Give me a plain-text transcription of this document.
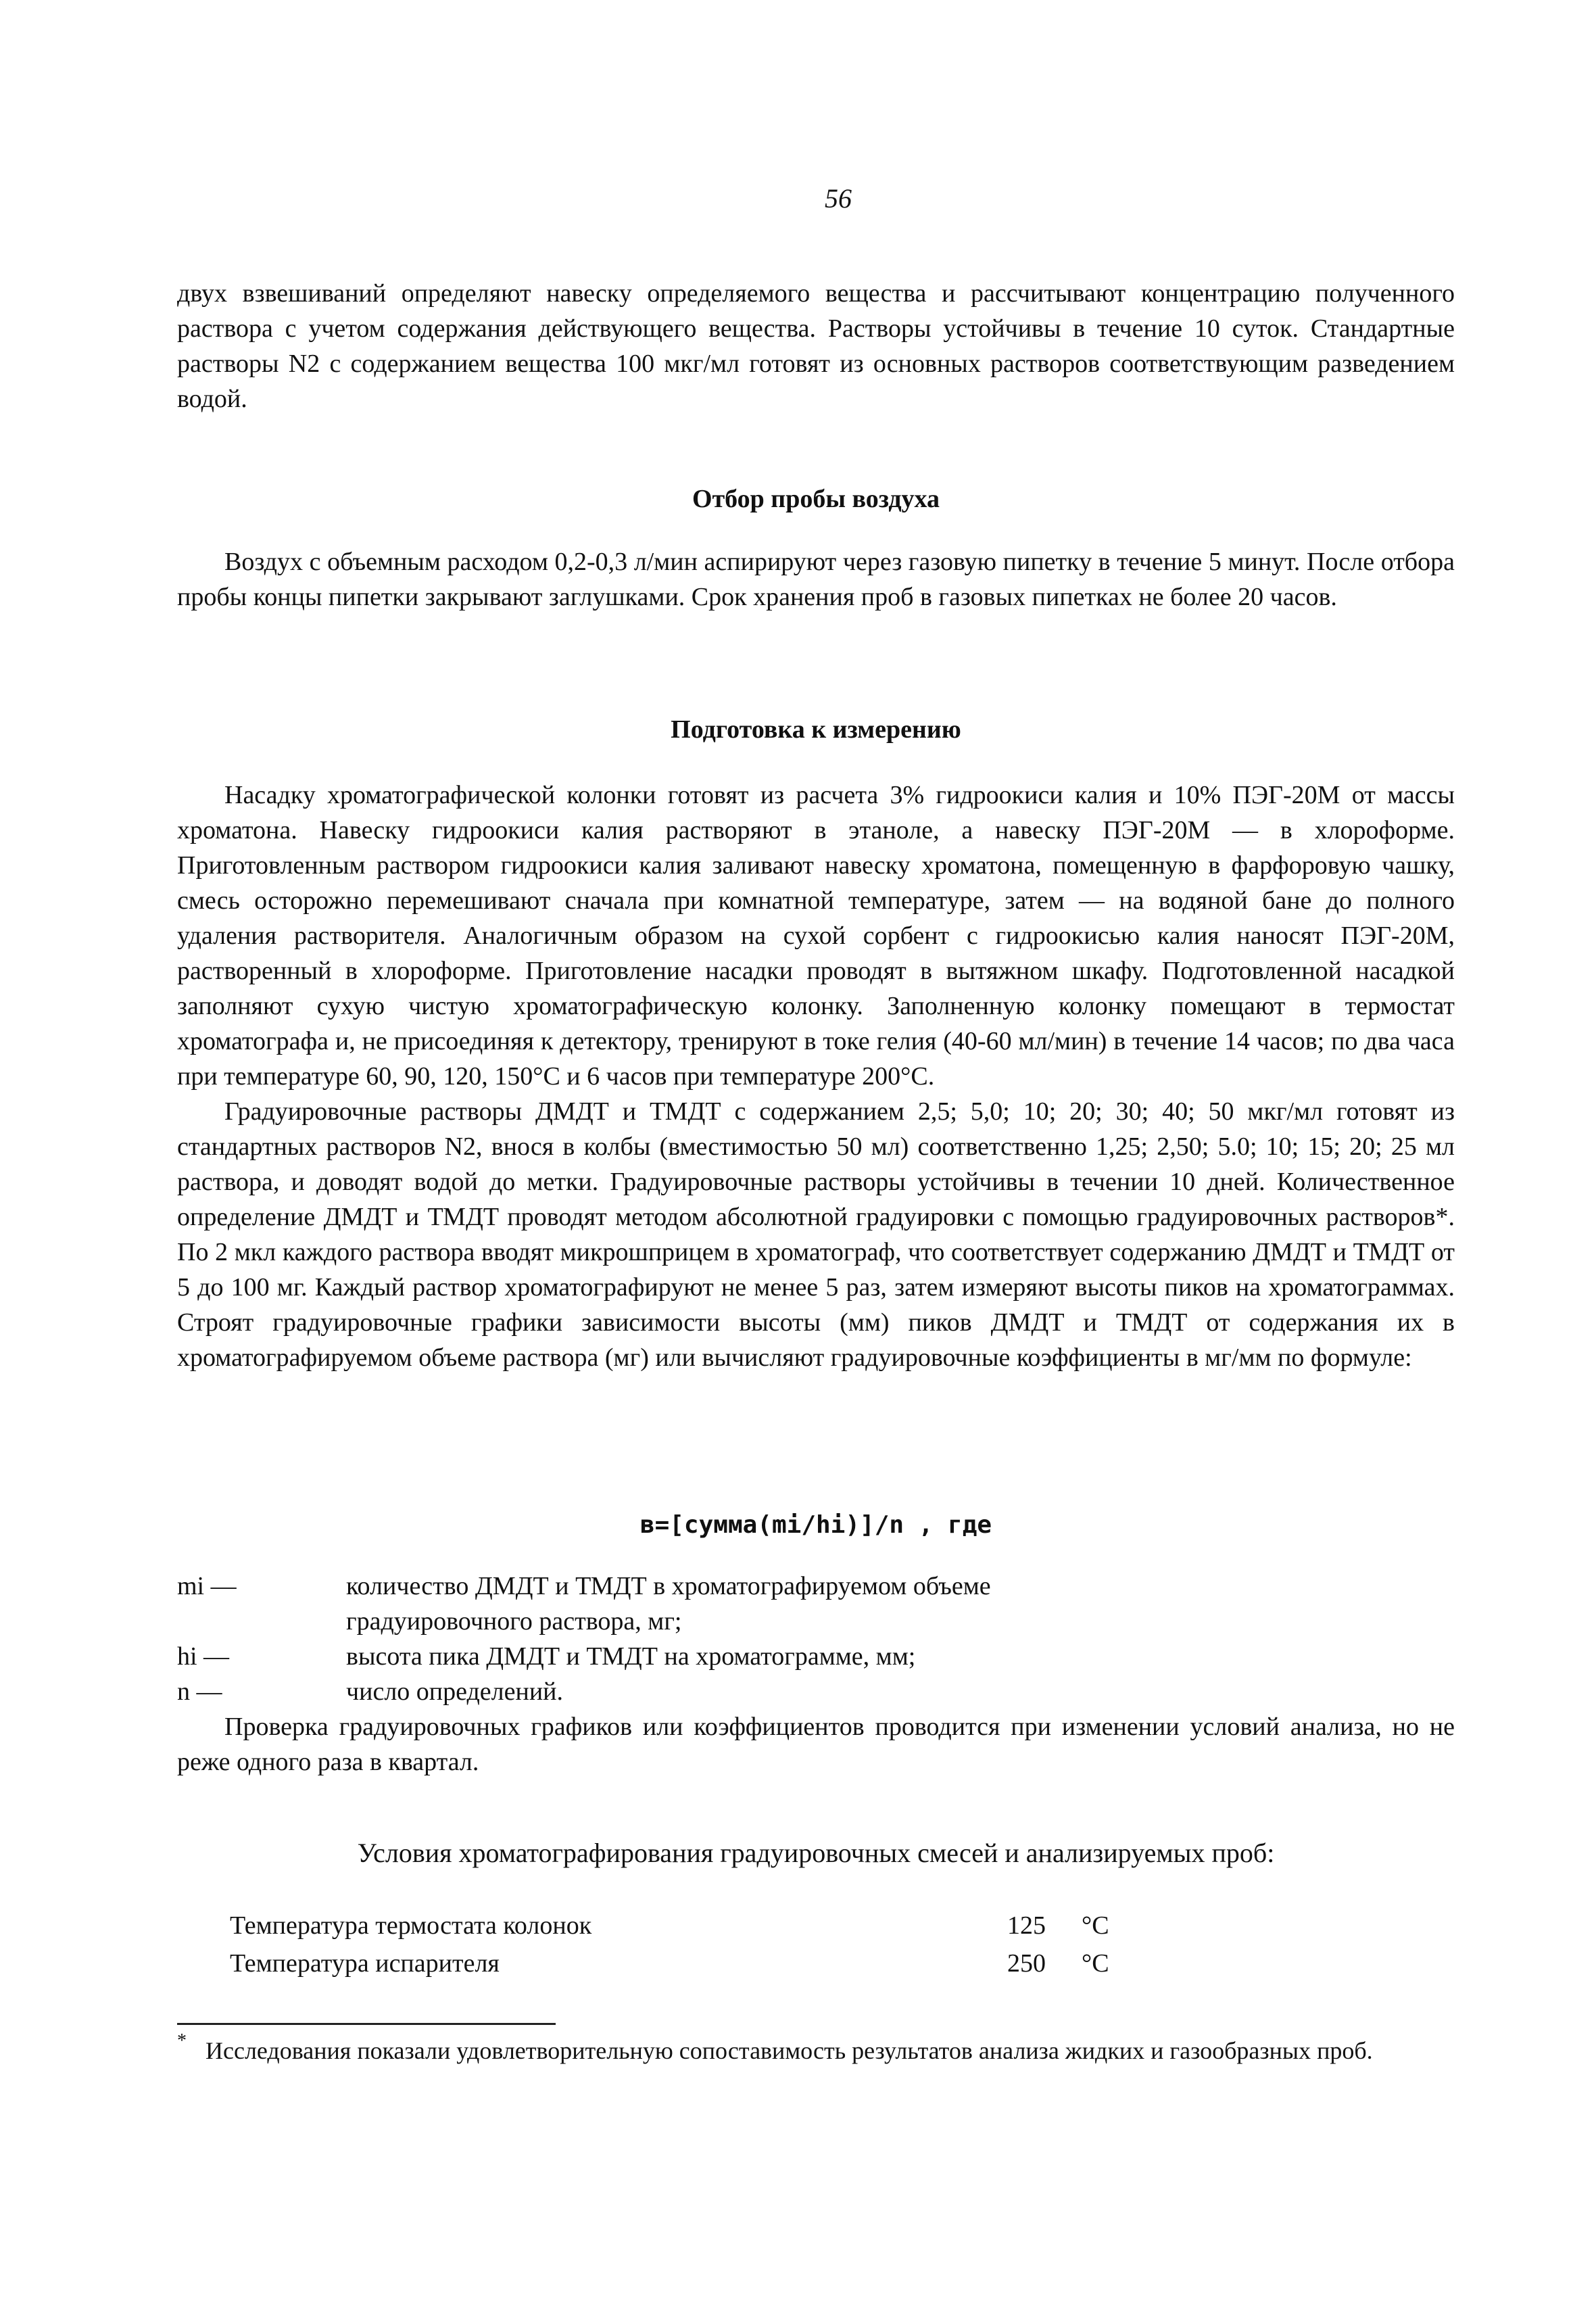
56

двух взвешиваний определяют навеску определяемого вещества и рассчитывают концентрацию полученного раствора с учетом содержания действующего вещества. Растворы устойчивы в течение 10 суток. Стандартные растворы N2 с содержанием вещества 100 мкг/мл готовят из основных растворов соответствующим разведением водой.

Отбор пробы воздуха

Воздух с объемным расходом 0,2-0,3 л/мин аспирируют через газовую пипетку в течение 5 минут. После отбора пробы концы пипетки закрывают заглушками. Срок хранения проб в газовых пипетках не более 20 часов.

Подготовка к измерению

Насадку хроматографической колонки готовят из расчета 3% гидроокиси калия и 10% ПЭГ-20М от массы хроматона. Навеску гидроокиси калия растворяют в этаноле, а навеску ПЭГ-20М — в хлороформе. Приготовленным раствором гидроокиси калия заливают навеску хроматона, помещенную в фарфоровую чашку, смесь осторожно перемешивают сначала при комнатной температуре, затем — на водяной бане до полного удаления растворителя. Аналогичным образом на сухой сорбент с гидроокисью калия наносят ПЭГ-20М, растворенный в хлороформе. Приготовление насадки проводят в вытяжном шкафу. Подготовленной насадкой заполняют сухую чистую хроматографическую колонку. Заполненную колонку помещают в термостат хроматографа и, не присоединяя к детектору, тренируют в токе гелия (40-60 мл/мин) в течение 14 часов; по два часа при температуре 60, 90, 120, 150°С и 6 часов при температуре 200°С.

Градуировочные растворы ДМДТ и ТМДТ с содержанием 2,5; 5,0; 10; 20; 30; 40; 50 мкг/мл готовят из стандартных растворов N2, внося в колбы (вместимостью 50 мл) соответственно 1,25; 2,50; 5.0; 10; 15; 20; 25 мл раствора, и доводят водой до метки. Градуировочные растворы устойчивы в течении 10 дней. Количественное определение ДМДТ и ТМДТ проводят методом абсолютной градуировки с помощью градуировочных растворов*. По 2 мкл каждого раствора вводят микрошприцем в хроматограф, что соответствует содержанию ДМДТ и ТМДТ от 5 до 100 мг. Каждый раствор хроматографируют не менее 5 раз, затем измеряют высоты пиков на хроматограммах. Строят градуировочные графики зависимости высоты (мм) пиков ДМДТ и ТМДТ от содержания их в хроматографируемом объеме раствора (мг) или вычисляют градуировочные коэффициенты в мг/мм по формуле:

в=[сумма(mi/hi)]/n , где
mi —	количество ДМДТ и ТМДТ в хроматографируемом объеме
градуировочного раствора, мг;
hi —	высота пика ДМДТ и ТМДТ на хроматограмме, мм;
n —	число определений.

Проверка градуировочных графиков или коэффициентов проводится при изменении условий анализа, но не реже одного раза в квартал.

Условия хроматографирования градуировочных смесей и анализируемых проб:
Температура термостата колонок	125	°С
Температура испарителя	250	°С
* Исследования показали удовлетворительную сопоставимость результатов анализа жидких и газообразных проб.
